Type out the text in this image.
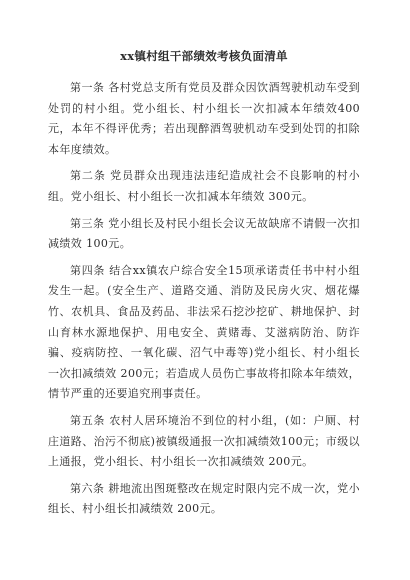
xx镇村组干部绩效考核负面清单

第一条 各村党总支所有党员及群众因饮酒驾驶机动车受到处罚的村小组。党小组长、村小组长一次扣减本年绩效400元，本年不得评优秀；若出现醉酒驾驶机动车受到处罚的扣除本年度绩效。

第二条 党员群众出现违法违纪造成社会不良影响的村小组。党小组长、村小组长一次扣减本年绩效 300元。

第三条 党小组长及村民小组长会议无故缺席不请假一次扣减绩效 100元。

第四条 结合xx镇农户综合安全15项承诺责任书中村小组发生一起。(安全生产、道路交通、消防及民房火灾、烟花爆竹、农机具、食品及药品、非法采石挖沙挖矿、耕地保护、封山育林水源地保护、用电安全、黄赌毒、艾滋病防治、防诈骗、疫病防控、一氧化碳、沼气中毒等)党小组长、村小组长一次扣减绩效 200元；若造成人员伤亡事故将扣除本年绩效，情节严重的还要追究刑事责任。

第五条 农村人居环境治不到位的村小组，(如：户厕、村庄道路、治污不彻底)被镇级通报一次扣减绩效100元；市级以上通报，党小组长、村小组长一次扣减绩效 200元。

第六条 耕地流出图斑整改在规定时限内完不成一次，党小组长、村小组长扣减绩效 200元。
